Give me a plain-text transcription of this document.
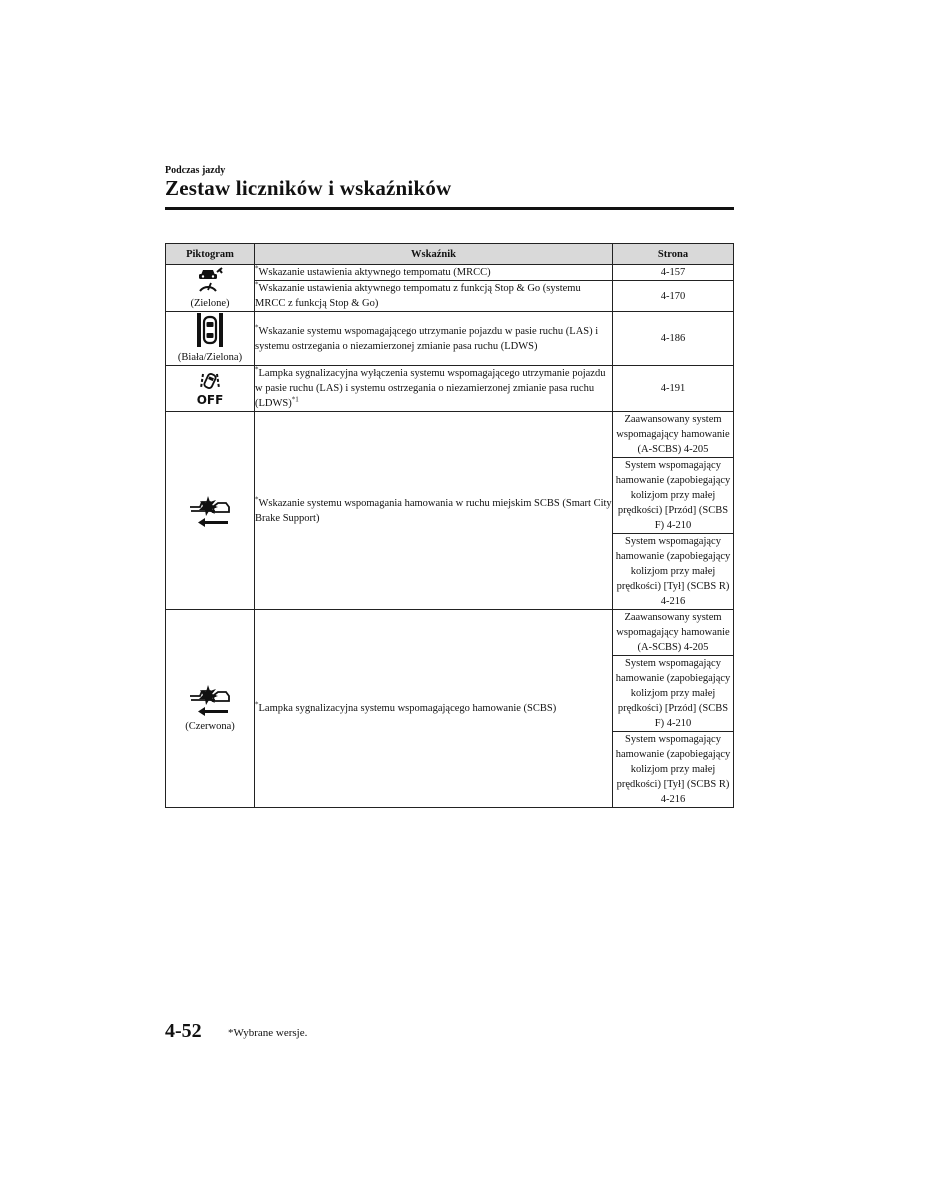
Podczas jazdy
Zestaw liczników i wskaźników
Piktogram	Wskaźnik	Strona

(Zielone)	*Wskazanie ustawienia aktywnego tempomatu (MRCC)	4-157
	*Wskazanie ustawienia aktywnego tempomatu z funkcją Stop & Go (systemu MRCC z funkcją Stop & Go)	4-170

(Biała/Zielona)	*Wskazanie systemu wspomagającego utrzymanie pojazdu w pasie ruchu (LAS) i systemu ostrzegania o niezamierzonej zmianie pasa ruchu (LDWS)	4-186

OFF	*Lampka sygnalizacyjna wyłączenia systemu wspomagającego utrzymanie pojazdu w pasie ruchu (LAS) i systemu ostrzegania o niezamierzonej zmianie pasa ruchu (LDWS)$^{*1}$	4-191

	*Wskazanie systemu wspomagania hamowania w ruchu miejskim SCBS (Smart City Brake Support)	Zaawansowany system wspomagający hamowanie (A-SCBS) 4-205
		System wspomagający hamowanie (zapobiegający kolizjom przy małej prędkości) [Przód] (SCBS F) 4-210
		System wspomagający hamowanie (zapobiegający kolizjom przy małej prędkości) [Tył] (SCBS R) 4-216

(Czerwona)	*Lampka sygnalizacyjna systemu wspomagającego hamowanie (SCBS)	Zaawansowany system wspomagający hamowanie (A-SCBS) 4-205
		System wspomagający hamowanie (zapobiegający kolizjom przy małej prędkości) [Przód] (SCBS F) 4-210
		System wspomagający hamowanie (zapobiegający kolizjom przy małej prędkości) [Tył] (SCBS R) 4-216
4-52 *Wybrane wersje.
